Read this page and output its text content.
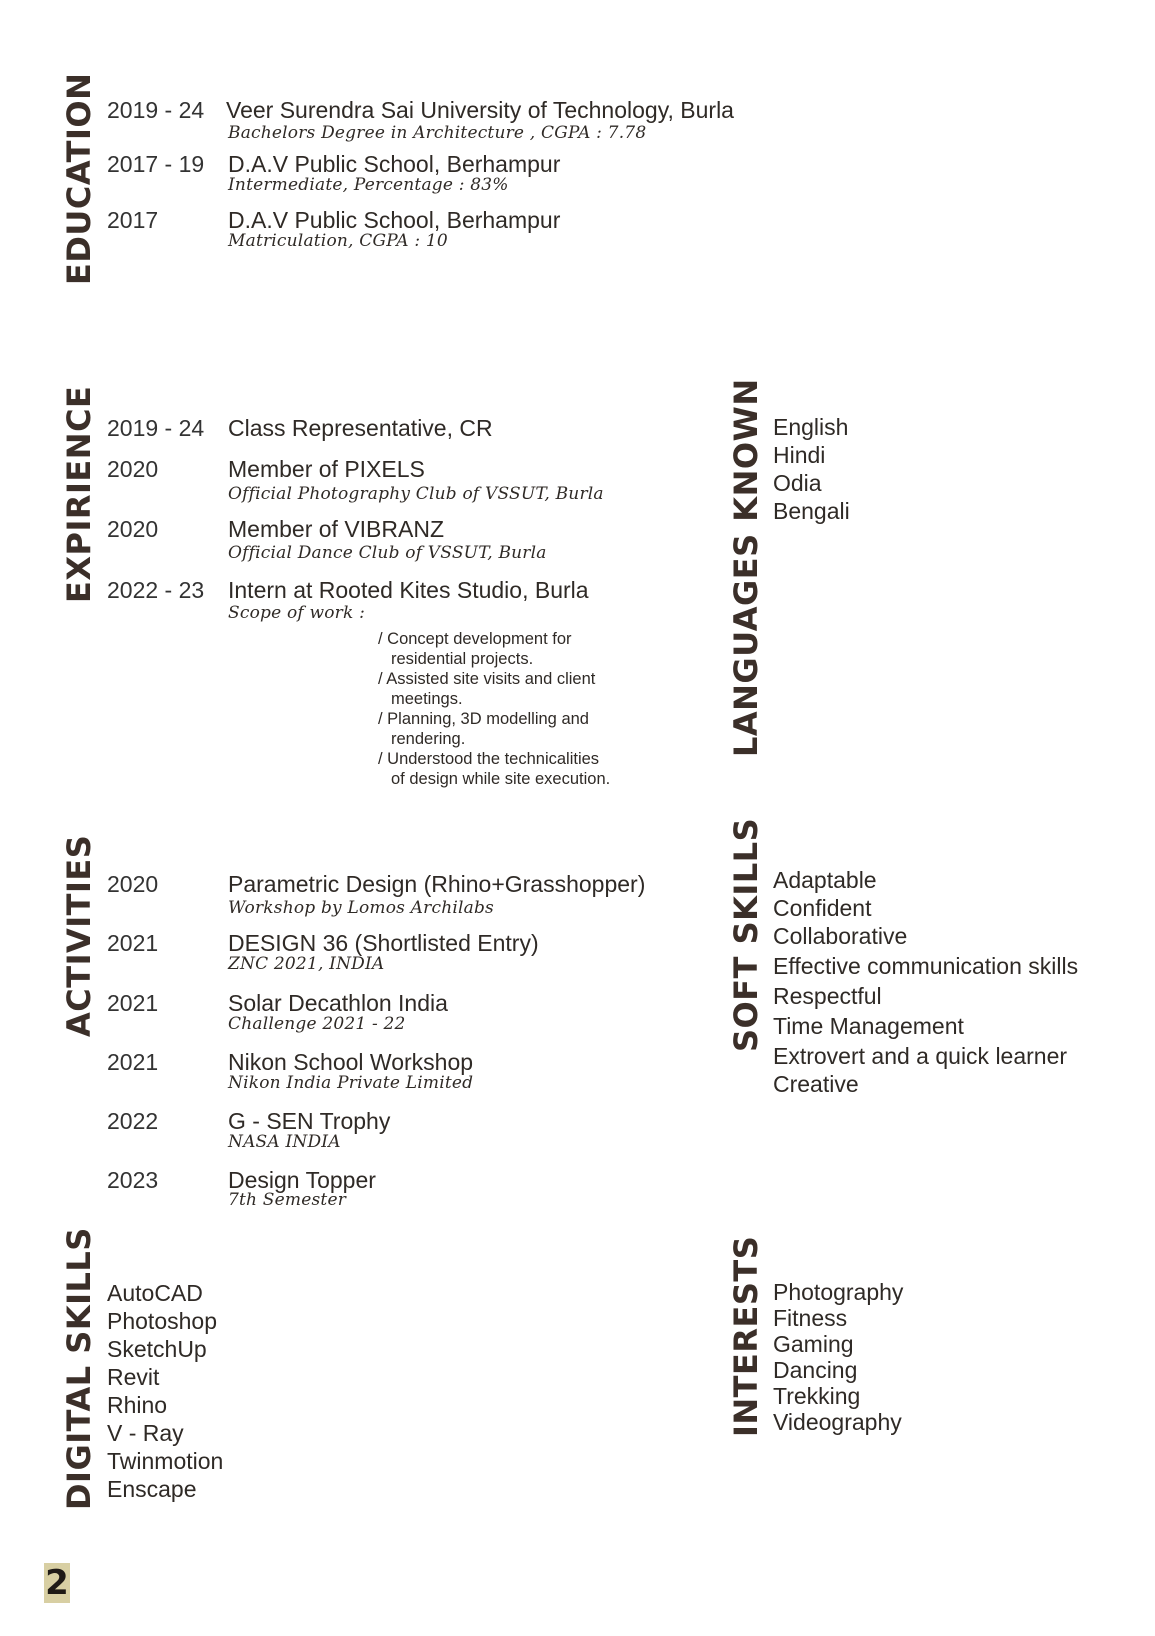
EDUCATION 2019 - 24 Veer Surendra Sai University of Technology, Burla
Bachelors Degree in Architecture , CGPA : 7.78
2017 - 19 D.A.V Public School, Berhampur
Intermediate, Percentage : 83%
2017	D.A.V Public School, Berhampur
Matriculation, CGPA : 10
EXPIRIENCE 2019 - 24 Class Representative, CR
2020	Member of PIXELS
Official Photography Club of VSSUT, Burla
2020	Member of VIBRANZ
Official Dance Club of VSSUT, Burla
2022 - 23 Intern at Rooted Kites Studio, Burla
Scope of work :
/ Concept development for
residential projects.
/ Assisted site visits and client
meetings.
/ Planning, 3D modelling and
rendering.
/ Understood the technicalities
of design while site execution.
LANGUAGES KNOWN English
Hindi
Odia
Bengali
ACTIVITIES 2020	Parametric Design (Rhino+Grasshopper)
Workshop by Lomos Archilabs
2021	DESIGN 36 (Shortlisted Entry)
ZNC 2021, INDIA
2021	Solar Decathlon India
Challenge 2021 - 22
2021	Nikon School Workshop
Nikon India Private Limited
2022	G - SEN Trophy
NASA INDIA
2023	Design Topper
7th Semester
SOFT SKILLS Adaptable
Confident
Collaborative
Effective communication skills
Respectful
Time Management
Extrovert and a quick learner
Creative
DIGITAL SKILLS AutoCAD
Photoshop
SketchUp
Revit
Rhino
V - Ray
Twinmotion
Enscape
INTERESTS Photography
Fitness
Gaming
Dancing
Trekking
Videography
2
